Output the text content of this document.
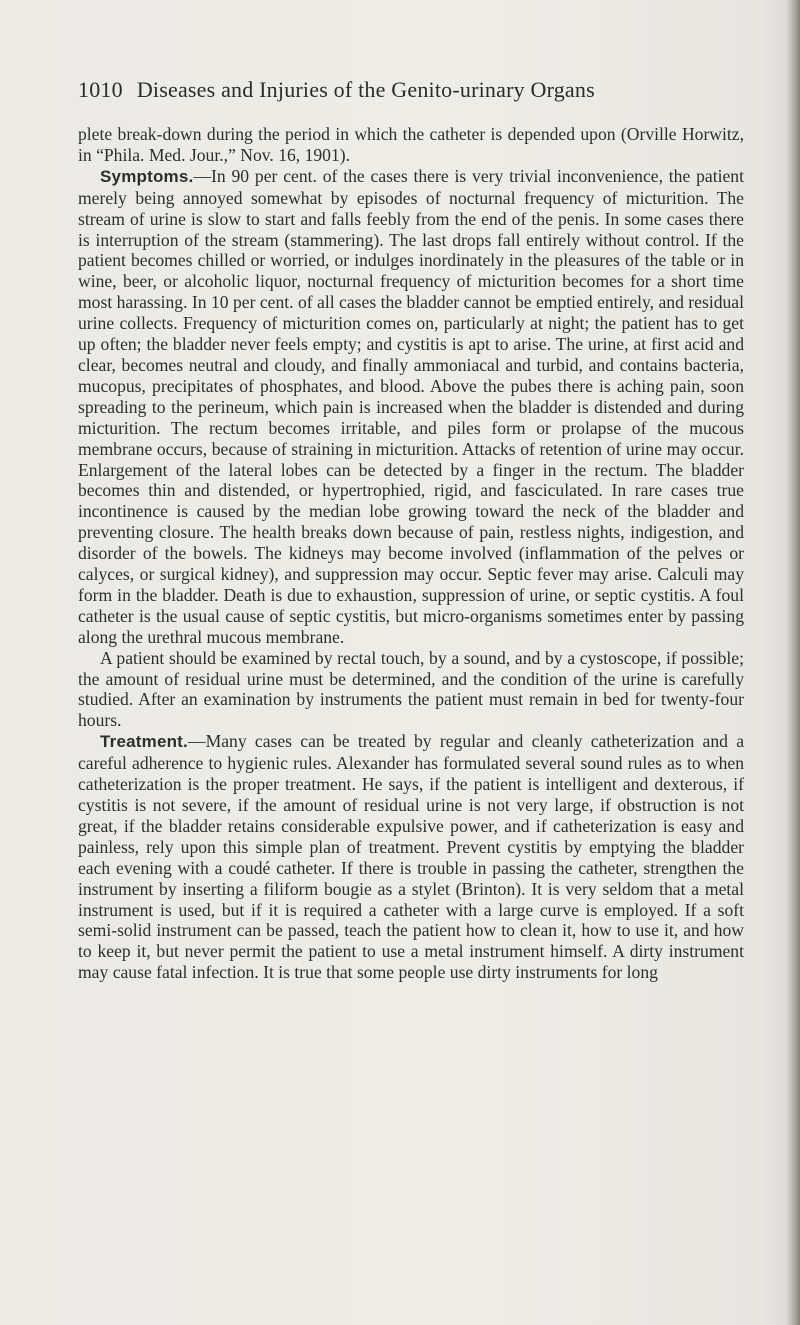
1010 Diseases and Injuries of the Genito-urinary Organs

plete break-down during the period in which the catheter is depended upon (Orville Horwitz, in “Phila. Med. Jour.,” Nov. 16, 1901).

Symptoms.—In 90 per cent. of the cases there is very trivial inconvenience, the patient merely being annoyed somewhat by episodes of nocturnal frequency of micturition. The stream of urine is slow to start and falls feebly from the end of the penis. In some cases there is interruption of the stream (stammering). The last drops fall entirely without control. If the patient becomes chilled or worried, or indulges inordinately in the pleasures of the table or in wine, beer, or alcoholic liquor, nocturnal frequency of micturition becomes for a short time most harassing. In 10 per cent. of all cases the bladder cannot be emptied entirely, and residual urine collects. Frequency of micturition comes on, particularly at night; the patient has to get up often; the bladder never feels empty; and cystitis is apt to arise. The urine, at first acid and clear, becomes neutral and cloudy, and finally ammoniacal and turbid, and contains bacteria, mucopus, precipitates of phosphates, and blood. Above the pubes there is aching pain, soon spreading to the perineum, which pain is increased when the bladder is distended and during micturition. The rectum becomes irritable, and piles form or prolapse of the mucous membrane occurs, because of straining in micturition. Attacks of retention of urine may occur. Enlargement of the lateral lobes can be detected by a finger in the rectum. The bladder becomes thin and distended, or hypertrophied, rigid, and fasciculated. In rare cases true incontinence is caused by the median lobe growing toward the neck of the bladder and preventing closure. The health breaks down because of pain, restless nights, indigestion, and disorder of the bowels. The kidneys may become involved (inflammation of the pelves or calyces, or surgical kidney), and suppression may occur. Septic fever may arise. Calculi may form in the bladder. Death is due to exhaustion, suppression of urine, or septic cystitis. A foul catheter is the usual cause of septic cystitis, but micro-organisms sometimes enter by passing along the urethral mucous membrane.

A patient should be examined by rectal touch, by a sound, and by a cystoscope, if possible; the amount of residual urine must be determined, and the condition of the urine is carefully studied. After an examination by instruments the patient must remain in bed for twenty-four hours.

Treatment.—Many cases can be treated by regular and cleanly catheterization and a careful adherence to hygienic rules. Alexander has formulated several sound rules as to when catheterization is the proper treatment. He says, if the patient is intelligent and dexterous, if cystitis is not severe, if the amount of residual urine is not very large, if obstruction is not great, if the bladder retains considerable expulsive power, and if catheterization is easy and painless, rely upon this simple plan of treatment. Prevent cystitis by emptying the bladder each evening with a coudé catheter. If there is trouble in passing the catheter, strengthen the instrument by inserting a filiform bougie as a stylet (Brinton). It is very seldom that a metal instrument is used, but if it is required a catheter with a large curve is employed. If a soft semi-solid instrument can be passed, teach the patient how to clean it, how to use it, and how to keep it, but never permit the patient to use a metal instrument himself. A dirty instrument may cause fatal infection. It is true that some people use dirty instruments for long
